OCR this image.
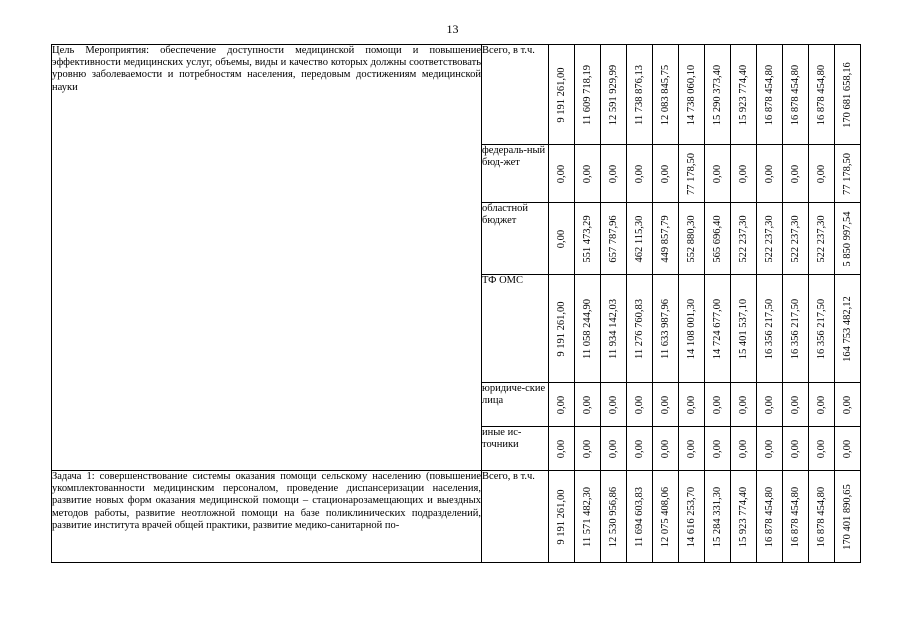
13
Цель Мероприятия: обеспечение доступности медицинской помощи и повышение эффективности медицинских услуг, объемы, виды и качество которых должны соответствовать уровню заболеваемости и потребностям населения, передовым достижениям медицинской науки	Всего, в т.ч.	9 191 261,00	11 609 718,19	12 591 929,99	11 738 876,13	12 083 845,75	14 738 060,10	15 290 373,40	15 923 774,40	16 878 454,80	16 878 454,80	16 878 454,80	170 681 658,16

	федераль-ный бюд-жет	0,00	0,00	0,00	0,00	0,00	77 178,50	0,00	0,00	0,00	0,00	0,00	77 178,50

	областной бюджет	0,00	551 473,29	657 787,96	462 115,30	449 857,79	552 880,30	565 696,40	522 237,30	522 237,30	522 237,30	522 237,30	5 850 997,54

	ТФ ОМС	9 191 261,00	11 058 244,90	11 934 142,03	11 276 760,83	11 633 987,96	14 108 001,30	14 724 677,00	15 401 537,10	16 356 217,50	16 356 217,50	16 356 217,50	164 753 482,12

	юридиче-ские лица	0,00	0,00	0,00	0,00	0,00	0,00	0,00	0,00	0,00	0,00	0,00	0,00

	иные ис-точники	0,00	0,00	0,00	0,00	0,00	0,00	0,00	0,00	0,00	0,00	0,00	0,00

Задача 1: совершенствование системы оказания помощи сельскому населению (повышение укомплектованности медицинским персоналом, проведение диспансеризации населения, развитие новых форм оказания медицинской помощи – стационарозамещающих и выездных методов работы, развитие неотложной помощи на базе поликлинических подразделений, развитие института врачей общей практики, развитие медико-санитарной по-	Всего, в т.ч.	9 191 261,00	11 571 482,30	12 530 956,86	11 694 603,83	12 075 408,06	14 616 253,70	15 284 331,30	15 923 774,40	16 878 454,80	16 878 454,80	16 878 454,80	170 401 890,65
